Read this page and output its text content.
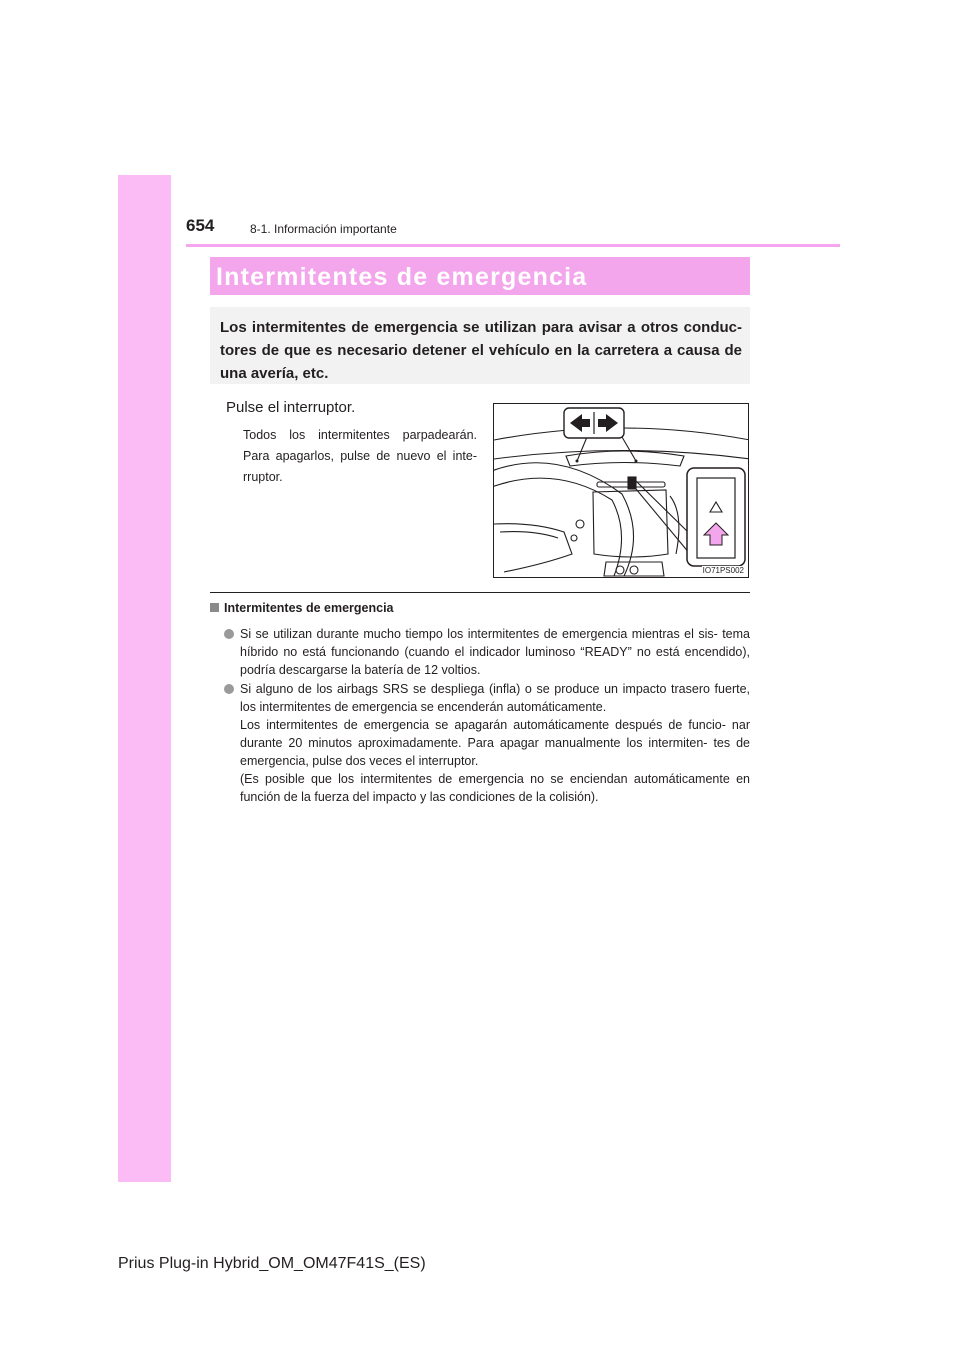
654	8-1. Información importante
Intermitentes de emergencia
Los intermitentes de emergencia se utilizan para avisar a otros conduc- tores de que es necesario detener el vehículo en la carretera a causa de una avería, etc.
Pulse el interruptor.
Todos los intermitentes parpadearán. Para apagarlos, pulse de nuevo el inte- rruptor.
IO71PS002
Intermitentes de emergencia
Si se utilizan durante mucho tiempo los intermitentes de emergencia mientras el sis- tema híbrido no está funcionando (cuando el indicador luminoso “READY” no está encendido), podría descargarse la batería de 12 voltios.
Si alguno de los airbags SRS se despliega (infla) o se produce un impacto trasero fuerte, los intermitentes de emergencia se encenderán automáticamente.
Los intermitentes de emergencia se apagarán automáticamente después de funcio- nar durante 20 minutos aproximadamente. Para apagar manualmente los intermiten- tes de emergencia, pulse dos veces el interruptor.
(Es posible que los intermitentes de emergencia no se enciendan automáticamente en función de la fuerza del impacto y las condiciones de la colisión).
Prius Plug-in Hybrid_OM_OM47F41S_(ES)
